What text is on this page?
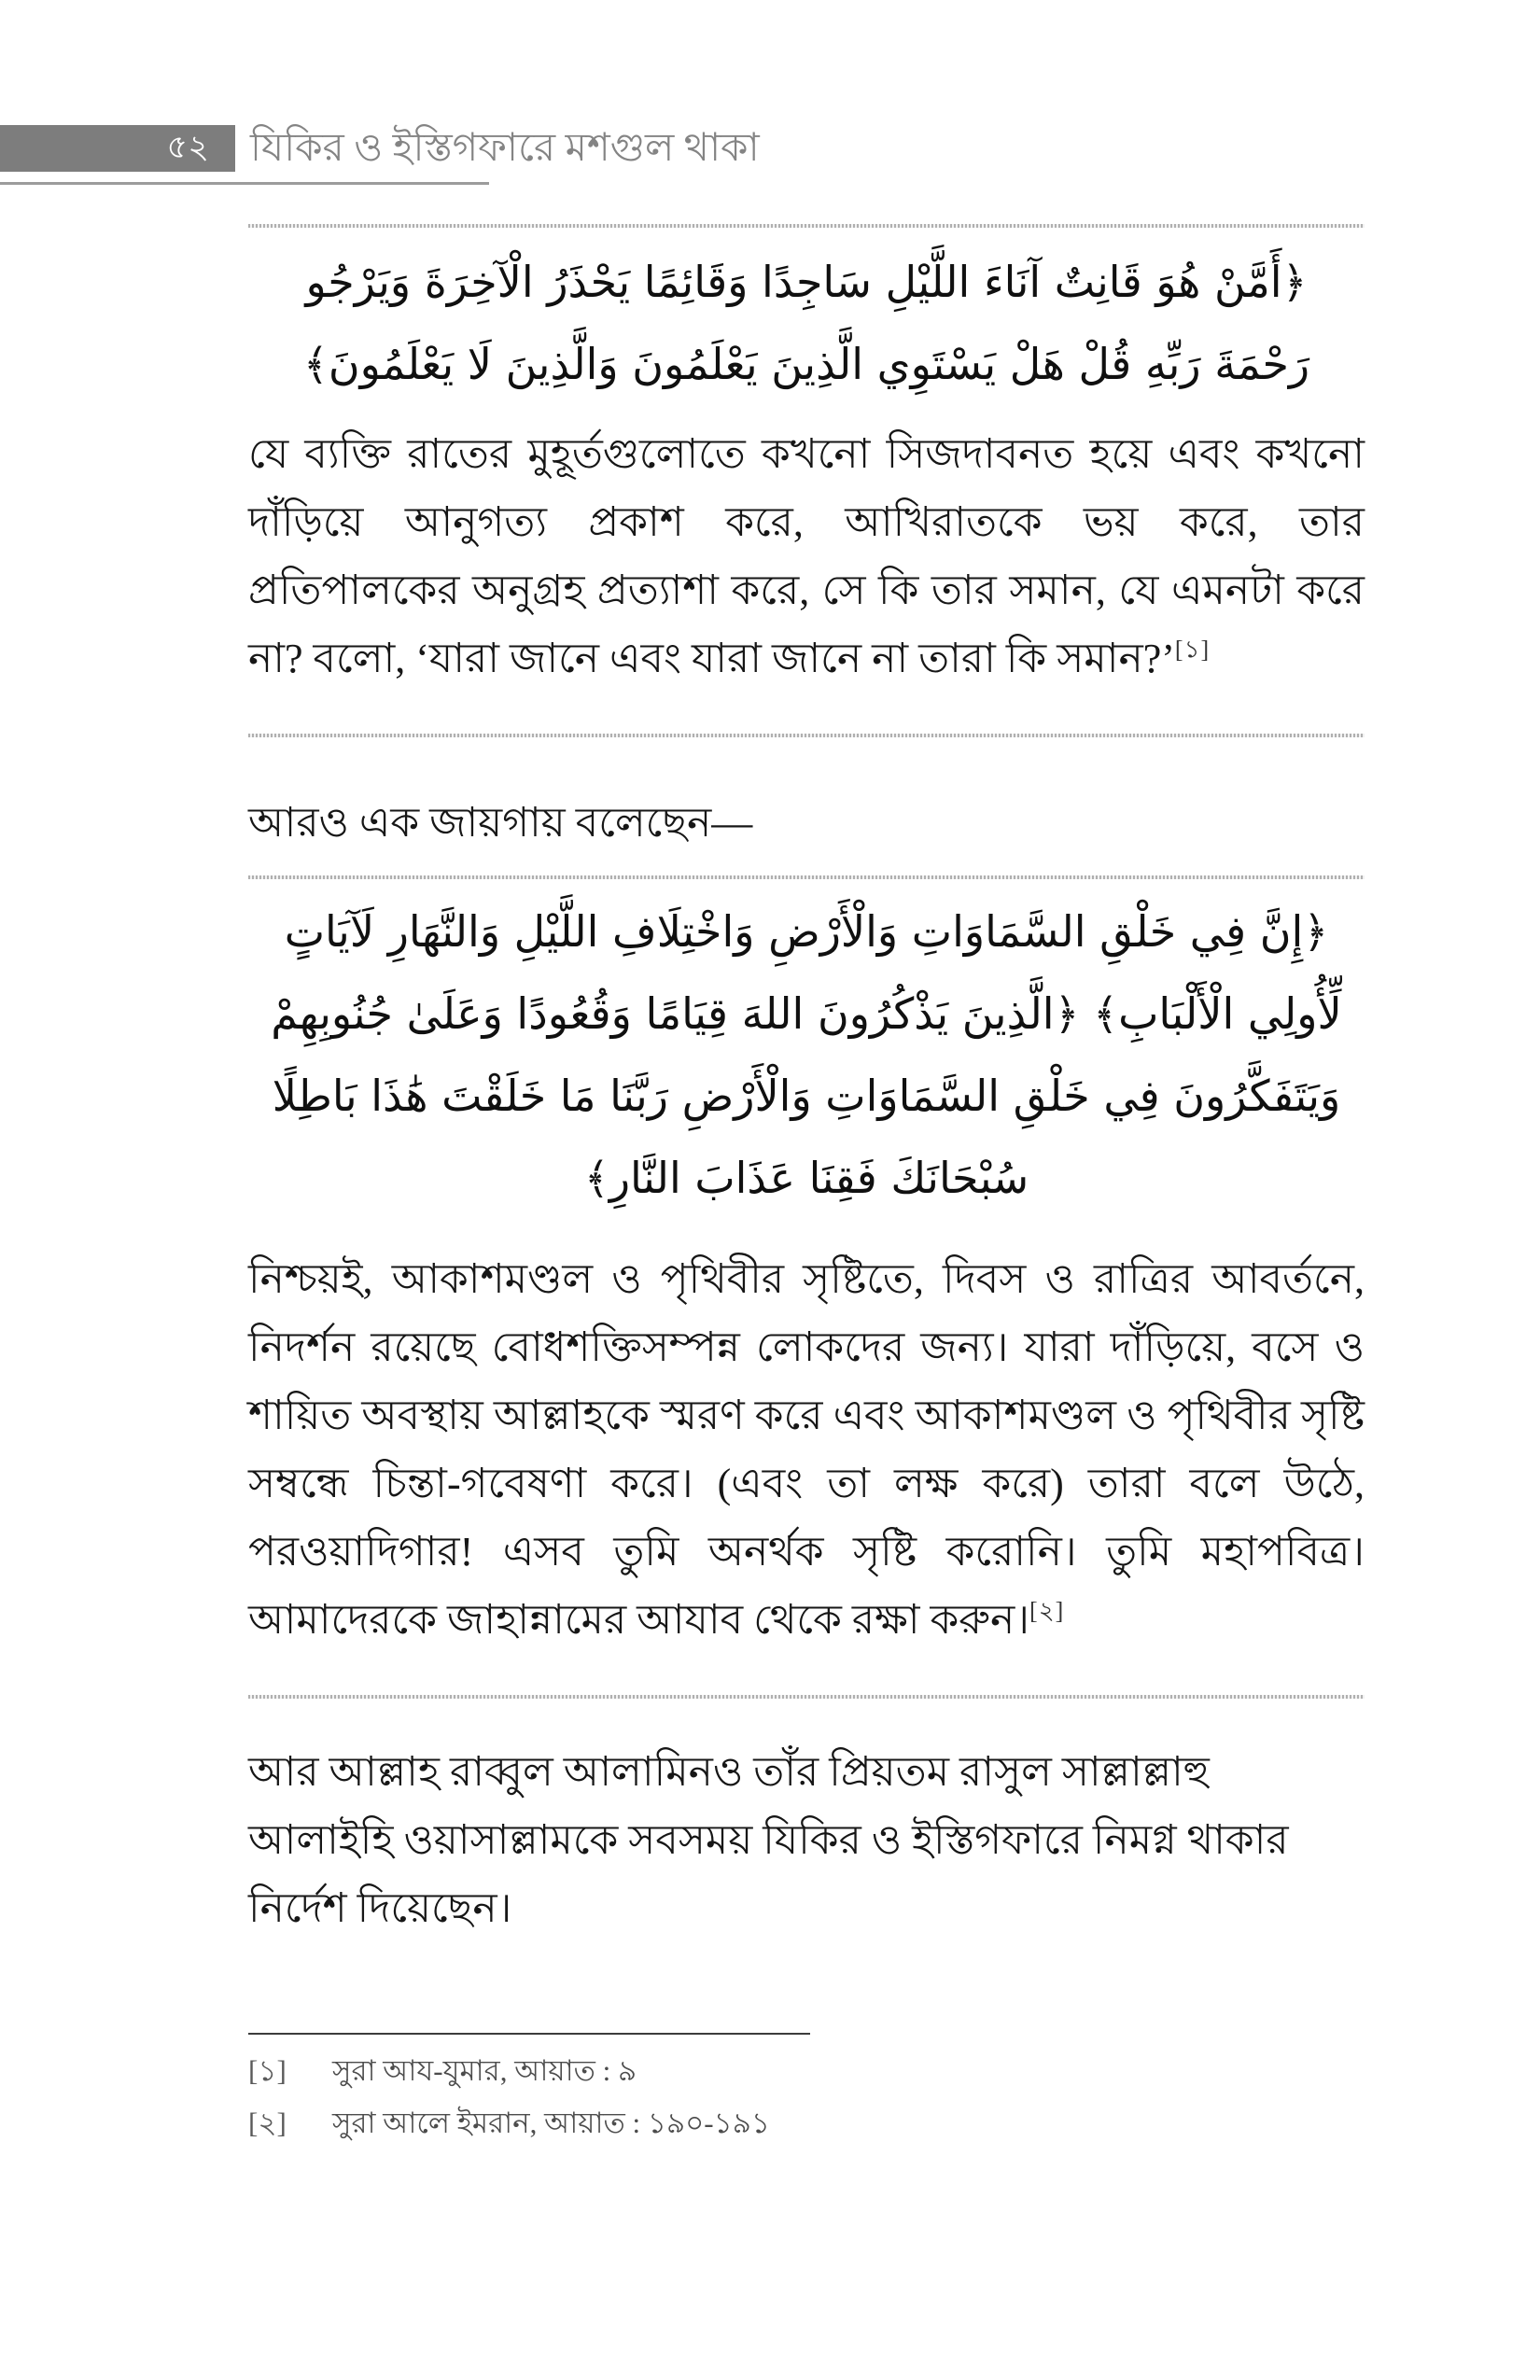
৫২ যিকির ও ইস্তিগফারে মশগুল থাকা
﴿أَمَّنْ هُوَ قَانِتٌ آنَاءَ اللَّيْلِ سَاجِدًا وَقَائِمًا يَحْذَرُ الْآخِرَةَ وَيَرْجُو رَحْمَةَ رَبِّهِ قُلْ هَلْ يَسْتَوِي الَّذِينَ يَعْلَمُونَ وَالَّذِينَ لَا يَعْلَمُونَ﴾

যে ব্যক্তি রাতের মুহূর্তগুলোতে কখনো সিজদাবনত হয়ে এবং কখনো দাঁড়িয়ে আনুগত্য প্রকাশ করে, আখিরাতকে ভয় করে, তার প্রতিপালকের অনুগ্রহ প্রত্যাশা করে, সে কি তার সমান, যে এমনটা করে না? বলো, ‘যারা জানে এবং যারা জানে না তারা কি সমান?’[১]

আরও এক জায়গায় বলেছেন—
﴿إِنَّ فِي خَلْقِ السَّمَاوَاتِ وَالْأَرْضِ وَاخْتِلَافِ اللَّيْلِ وَالنَّهَارِ لَآيَاتٍ لِّأُولِي الْأَلْبَابِ﴾ ﴿الَّذِينَ يَذْكُرُونَ اللهَ قِيَامًا وَقُعُودًا وَعَلَىٰ جُنُوبِهِمْ وَيَتَفَكَّرُونَ فِي خَلْقِ السَّمَاوَاتِ وَالْأَرْضِ رَبَّنَا مَا خَلَقْتَ هَٰذَا بَاطِلًا سُبْحَانَكَ فَقِنَا عَذَابَ النَّارِ﴾

নিশ্চয়ই, আকাশমণ্ডল ও পৃথিবীর সৃষ্টিতে, দিবস ও রাত্রির আবর্তনে, নিদর্শন রয়েছে বোধশক্তিসম্পন্ন লোকদের জন্য। যারা দাঁড়িয়ে, বসে ও শায়িত অবস্থায় আল্লাহকে স্মরণ করে এবং আকাশমণ্ডল ও পৃথিবীর সৃষ্টি সম্বন্ধে চিন্তা-গবেষণা করে। (এবং তা লক্ষ করে) তারা বলে উঠে, পরওয়াদিগার! এসব তুমি অনর্থক সৃষ্টি করোনি। তুমি মহাপবিত্র। আমাদেরকে জাহান্নামের আযাব থেকে রক্ষা করুন।[২]

আর আল্লাহ রাব্বুল আলামিনও তাঁর প্রিয়তম রাসুল সাল্লাল্লাহু আলাইহি ওয়াসাল্লামকে সবসময় যিকির ও ইস্তিগফারে নিমগ্ন থাকার নির্দেশ দিয়েছেন।

[১]	সুরা আয-যুমার, আয়াত : ৯
[২]	সুরা আলে ইমরান, আয়াত : ১৯০-১৯১
